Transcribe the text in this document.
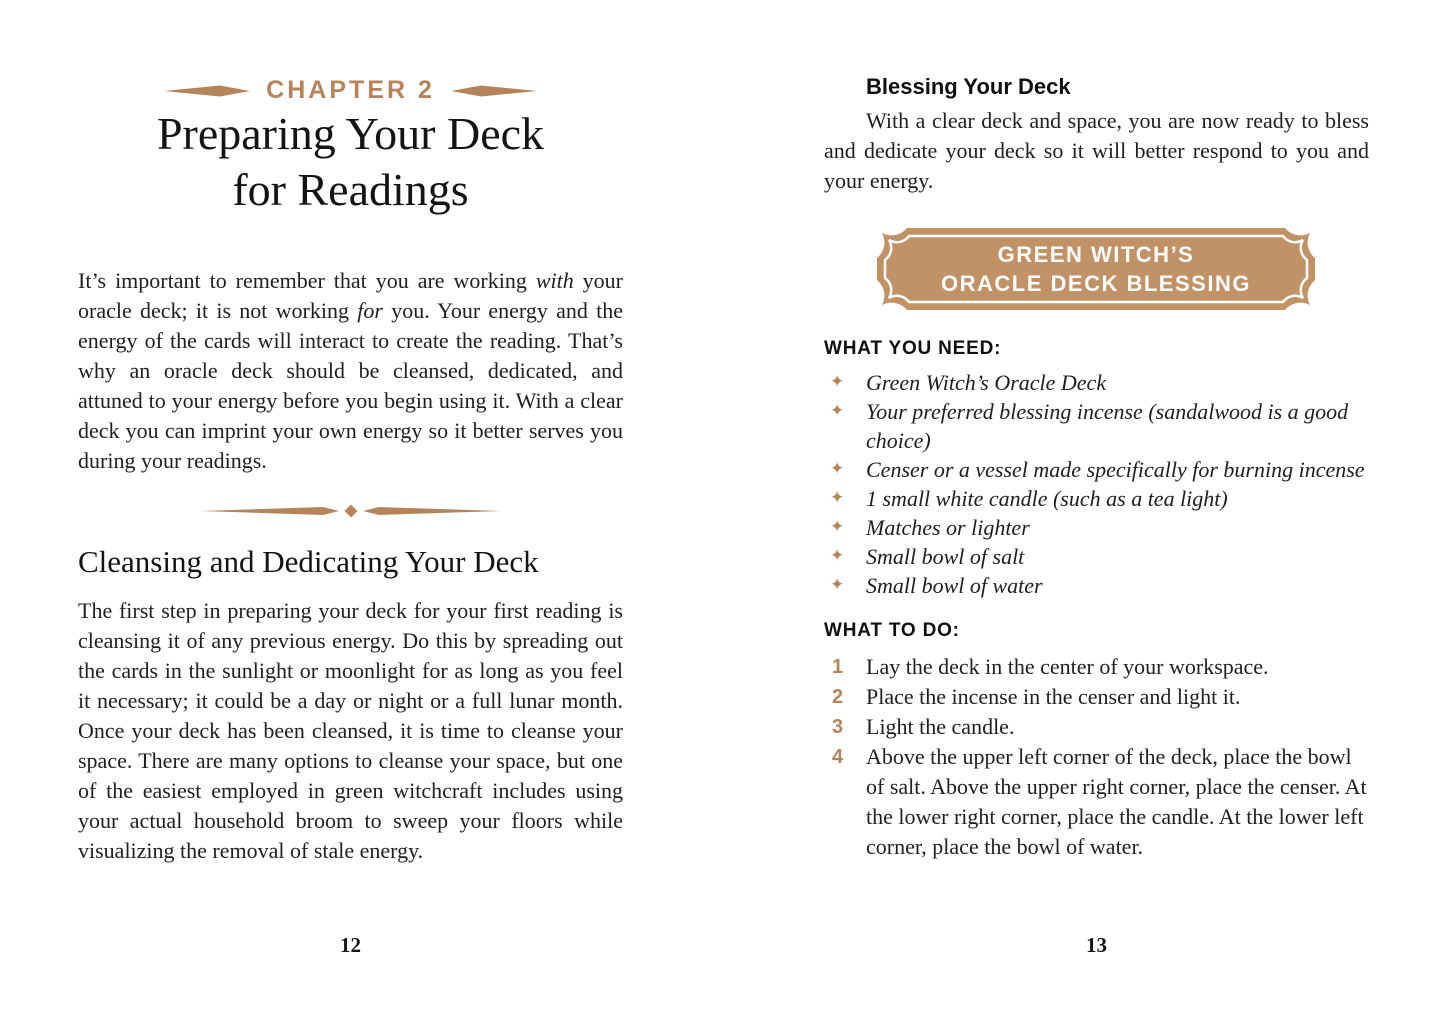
CHAPTER 2
Preparing Your Deck
for Readings

It’s important to remember that you are working with your oracle deck; it is not working for you. Your energy and the energy of the cards will interact to create the reading. That’s why an oracle deck should be cleansed, dedicated, and attuned to your energy before you begin using it. With a clear deck you can imprint your own energy so it better serves you during your readings.

Cleansing and Dedicating Your Deck

The first step in preparing your deck for your first reading is cleansing it of any previous energy. Do this by spreading out the cards in the sunlight or moonlight for as long as you feel it necessary; it could be a day or night or a full lunar month. Once your deck has been cleansed, it is time to cleanse your space. There are many options to cleanse your space, but one of the easiest employed in green witchcraft includes using your actual household broom to sweep your floors while visualizing the removal of stale energy.

12
Blessing Your Deck

With a clear deck and space, you are now ready to bless and dedicate your deck so it will better respond to you and your energy.

GREEN WITCH’S
ORACLE DECK BLESSING
WHAT YOU NEED:
✦ Green Witch’s Oracle Deck
✦ Your preferred blessing incense (sandalwood is a good choice)
✦ Censer or a vessel made specifically for burning incense
✦ 1 small white candle (such as a tea light)
✦ Matches or lighter
✦ Small bowl of salt
✦ Small bowl of water
WHAT TO DO:
1	Lay the deck in the center of your workspace.
2	Place the incense in the censer and light it.
3	Light the candle.
4	Above the upper left corner of the deck, place the bowl of salt. Above the upper right corner, place the censer. At the lower right corner, place the candle. At the lower left corner, place the bowl of water.
13
